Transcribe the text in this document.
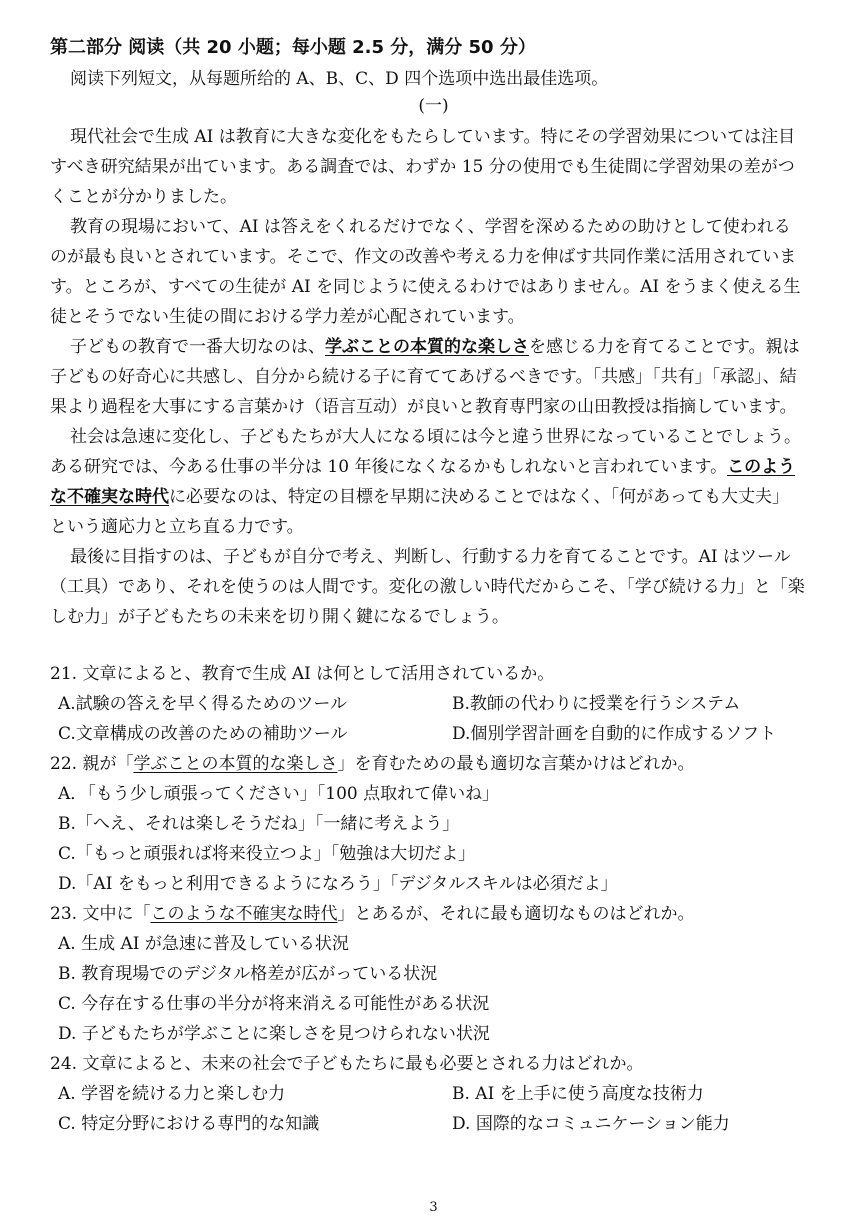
第二部分 阅读（共 20 小题；每小题 2.5 分，满分 50 分）
阅读下列短文，从每题所给的 A、B、C、D 四个选项中选出最佳选项。
(一)
現代社会で生成 AI は教育に大きな変化をもたらしています。特にその学習効果については注目
すべき研究結果が出ています。ある調査では、わずか 15 分の使用でも生徒間に学習効果の差がつ
くことが分かりました。
教育の現場において、AI は答えをくれるだけでなく、学習を深めるための助けとして使われる
のが最も良いとされています。そこで、作文の改善や考える力を伸ばす共同作業に活用されていま
す。ところが、すべての生徒が AI を同じように使えるわけではありません。AI をうまく使える生
徒とそうでない生徒の間における学力差が心配されています。
子どもの教育で一番大切なのは、学ぶことの本質的な楽しさを感じる力を育てることです。親は
子どもの好奇心に共感し、自分から続ける子に育ててあげるべきです。「共感」「共有」「承認」、結
果より過程を大事にする言葉かけ（语言互动）が良いと教育専門家の山田教授は指摘しています。
社会は急速に変化し、子どもたちが大人になる頃には今と違う世界になっていることでしょう。
ある研究では、今ある仕事の半分は 10 年後になくなるかもしれないと言われています。このよう
な不確実な時代に必要なのは、特定の目標を早期に決めることではなく、「何があっても大丈夫」
という適応力と立ち直る力です。
最後に目指すのは、子どもが自分で考え、判断し、行動する力を育てることです。AI はツール
（工具）であり、それを使うのは人間です。変化の激しい時代だからこそ、「学び続ける力」と「楽
しむ力」が子どもたちの未来を切り開く鍵になるでしょう。
21. 文章によると、教育で生成 AI は何として活用されているか。
A.試験の答えを早く得るためのツール	B.教師の代わりに授業を行うシステム
C.文章構成の改善のための補助ツール	D.個別学習計画を自動的に作成するソフト
22. 親が「学ぶことの本質的な楽しさ」を育むための最も適切な言葉かけはどれか。
A．「もう少し頑張ってください」「100 点取れて偉いね」
B.「へえ、それは楽しそうだね」「一緒に考えよう」
C.「もっと頑張れば将来役立つよ」「勉強は大切だよ」
D.「AI をもっと利用できるようになろう」「デジタルスキルは必須だよ」
23. 文中に「このような不確実な時代」とあるが、それに最も適切なものはどれか。
A. 生成 AI が急速に普及している状況
B. 教育現場でのデジタル格差が広がっている状況
C. 今存在する仕事の半分が将来消える可能性がある状況
D. 子どもたちが学ぶことに楽しさを見つけられない状況
24. 文章によると、未来の社会で子どもたちに最も必要とされる力はどれか。
A. 学習を続ける力と楽しむ力	B. AI を上手に使う高度な技術力
C. 特定分野における専門的な知識	D. 国際的なコミュニケーション能力
3
